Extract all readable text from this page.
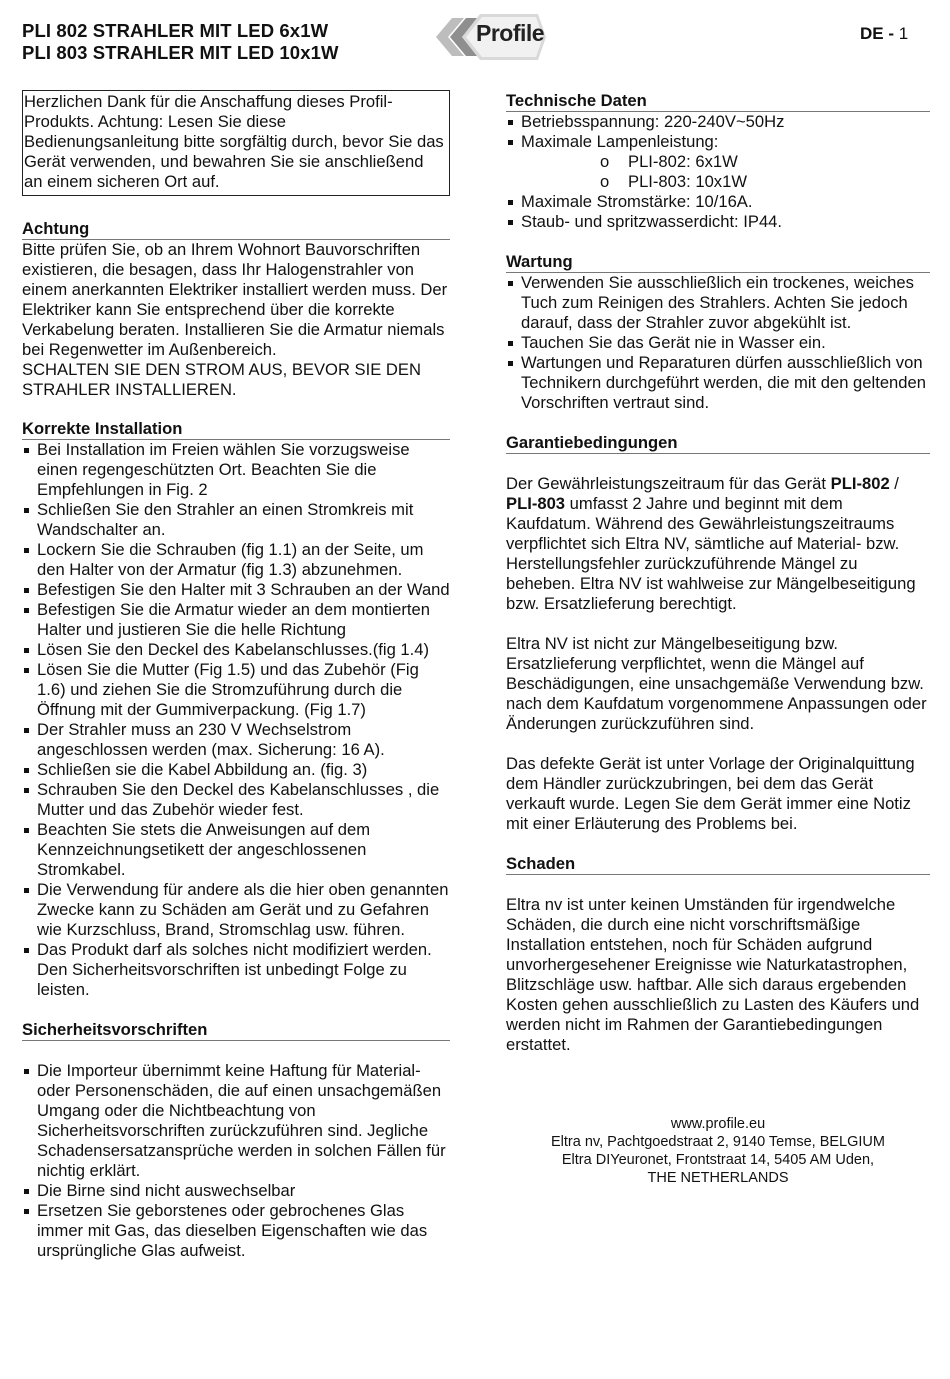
PLI 802 STRAHLER MIT LED 6x1W
PLI 803 STRAHLER MIT LED 10x1W
Profile	DE - 1
Herzlichen Dank für die Anschaffung dieses Profil-Produkts. Achtung: Lesen Sie diese Bedienungsanleitung bitte sorgfältig durch, bevor Sie das Gerät verwenden, und bewahren Sie sie anschließend an einem sicheren Ort auf.
Achtung

Bitte prüfen Sie, ob an Ihrem Wohnort Bauvorschriften existieren, die besagen, dass Ihr Halogenstrahler von einem anerkannten Elektriker installiert werden muss. Der Elektriker kann Sie entsprechend über die korrekte Verkabelung beraten. Installieren Sie die Armatur niemals bei Regenwetter im Außenbereich.

SCHALTEN SIE DEN STROM AUS, BEVOR SIE DEN STRAHLER INSTALLIEREN.

Korrekte Installation
Bei Installation im Freien wählen Sie vorzugsweise einen regengeschützten Ort. Beachten Sie die Empfehlungen in Fig. 2
Schließen Sie den Strahler an einen Stromkreis mit Wandschalter an.
Lockern Sie die Schrauben (fig 1.1) an der Seite, um den Halter von der Armatur (fig 1.3) abzunehmen.
Befestigen Sie den Halter mit 3 Schrauben an der Wand
Befestigen Sie die Armatur wieder an dem montierten Halter und justieren Sie die helle Richtung
Lösen Sie den Deckel des Kabelanschlusses.(fig 1.4)
Lösen Sie die Mutter (Fig 1.5) und das Zubehör (Fig 1.6) und ziehen Sie die Stromzuführung durch die Öffnung mit der Gummiverpackung. (Fig 1.7)
Der Strahler muss an 230 V Wechselstrom angeschlossen werden (max. Sicherung: 16 A).
Schließen sie die Kabel Abbildung an. (fig. 3)
Schrauben Sie den Deckel des Kabelanschlusses , die Mutter und das Zubehör wieder fest.
Beachten Sie stets die Anweisungen auf dem Kennzeichnungsetikett der angeschlossenen Stromkabel.
Die Verwendung für andere als die hier oben genannten Zwecke kann zu Schäden am Gerät und zu Gefahren wie Kurzschluss, Brand, Stromschlag usw. führen.
Das Produkt darf als solches nicht modifiziert werden. Den Sicherheitsvorschriften ist unbedingt Folge zu leisten.
Sicherheitsvorschriften
Die Importeur übernimmt keine Haftung für Material- oder Personenschäden, die auf einen unsachgemäßen Umgang oder die Nichtbeachtung von Sicherheitsvorschriften zurückzuführen sind. Jegliche Schadensersatzansprüche werden in solchen Fällen für nichtig erklärt.
Die Birne sind nicht auswechselbar
Ersetzen Sie geborstenes oder gebrochenes Glas immer mit Gas, das dieselben Eigenschaften wie das ursprüngliche Glas aufweist.
Technische Daten
Betriebsspannung: 220-240V~50Hz
Maximale Lampenleistung:
o PLI-802: 6x1W
o PLI-803: 10x1W
Maximale Stromstärke: 10/16A.
Staub- und spritzwasserdicht: IP44.
Wartung
Verwenden Sie ausschließlich ein trockenes, weiches Tuch zum Reinigen des Strahlers. Achten Sie jedoch darauf, dass der Strahler zuvor abgekühlt ist.
Tauchen Sie das Gerät nie in Wasser ein.
Wartungen und Reparaturen dürfen ausschließlich von Technikern durchgeführt werden, die mit den geltenden Vorschriften vertraut sind.
Garantiebedingungen

Der Gewährleistungszeitraum für das Gerät PLI-802 / PLI-803 umfasst 2 Jahre und beginnt mit dem Kaufdatum. Während des Gewährleistungszeitraums verpflichtet sich Eltra NV, sämtliche auf Material- bzw. Herstellungsfehler zurückzuführende Mängel zu beheben. Eltra NV ist wahlweise zur Mängelbeseitigung bzw. Ersatzlieferung berechtigt.

Eltra NV ist nicht zur Mängelbeseitigung bzw. Ersatzlieferung verpflichtet, wenn die Mängel auf Beschädigungen, eine unsachgemäße Verwendung bzw. nach dem Kaufdatum vorgenommene Anpassungen oder Änderungen zurückzuführen sind.

Das defekte Gerät ist unter Vorlage der Originalquittung dem Händler zurückzubringen, bei dem das Gerät verkauft wurde. Legen Sie dem Gerät immer eine Notiz mit einer Erläuterung des Problems bei.

Schaden

Eltra nv ist unter keinen Umständen für irgendwelche Schäden, die durch eine nicht vorschriftsmäßige Installation entstehen, noch für Schäden aufgrund unvorhergesehener Ereignisse wie Naturkatastrophen, Blitzschläge usw. haftbar. Alle sich daraus ergebenden Kosten gehen ausschließlich zu Lasten des Käufers und werden nicht im Rahmen der Garantiebedingungen erstattet.

www.profile.eu
Eltra nv, Pachtgoedstraat 2, 9140 Temse, BELGIUM
Eltra DIYeuronet, Frontstraat 14, 5405 AM Uden,
THE NETHERLANDS
